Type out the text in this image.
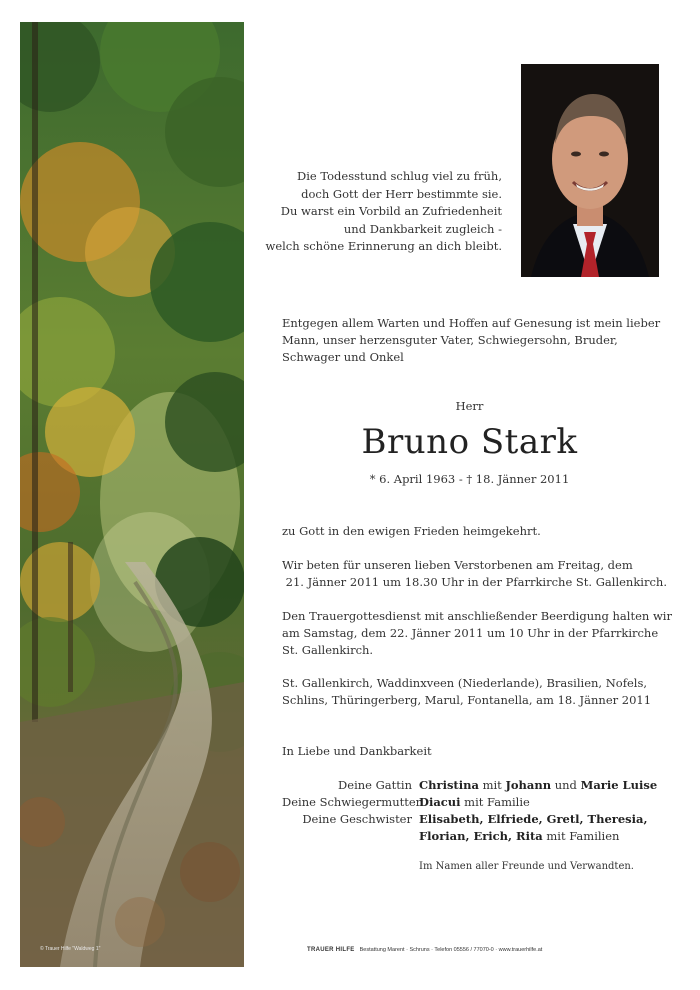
© Trauer Hilfe "Waldweg 1"
Die Todesstund schlug viel zu früh,
doch Gott der Herr bestimmte sie.
Du warst ein Vorbild an Zufriedenheit
und Dankbarkeit zugleich -
welch schöne Erinnerung an dich bleibt.
Entgegen allem Warten und Hoffen auf Genesung ist mein lieber Mann, unser herzensguter Vater, Schwiegersohn, Bruder, Schwager und Onkel
Herr
Bruno Stark
* 6. April 1963 - † 18. Jänner 2011
zu Gott in den ewigen Frieden heimgekehrt.
Wir beten für unseren lieben Verstorbenen am Freitag, dem
21. Jänner 2011 um 18.30 Uhr in der Pfarrkirche St. Gallenkirch.
Den Trauergottesdienst mit anschließender Beerdigung halten wir am Samstag, dem 22. Jänner 2011 um 10 Uhr in der Pfarrkirche St. Gallenkirch.
St. Gallenkirch, Waddinxveen (Niederlande), Brasilien, Nofels, Schlins, Thüringerberg, Marul, Fontanella, am 18. Jänner 2011
In Liebe und Dankbarkeit
Deine Gattin Christina mit Johann und Marie Luise
Deine Schwiegermutter
Diacui mit Familie
Deine Geschwister Elisabeth, Elfriede, Gretl, Theresia,
Florian, Erich, Rita mit Familien
Im Namen aller Freunde und Verwandten.
TRAUER HILFE Bestattung Marent · Schruns · Telefon 05556 / 77070-0 · www.trauerhilfe.at
